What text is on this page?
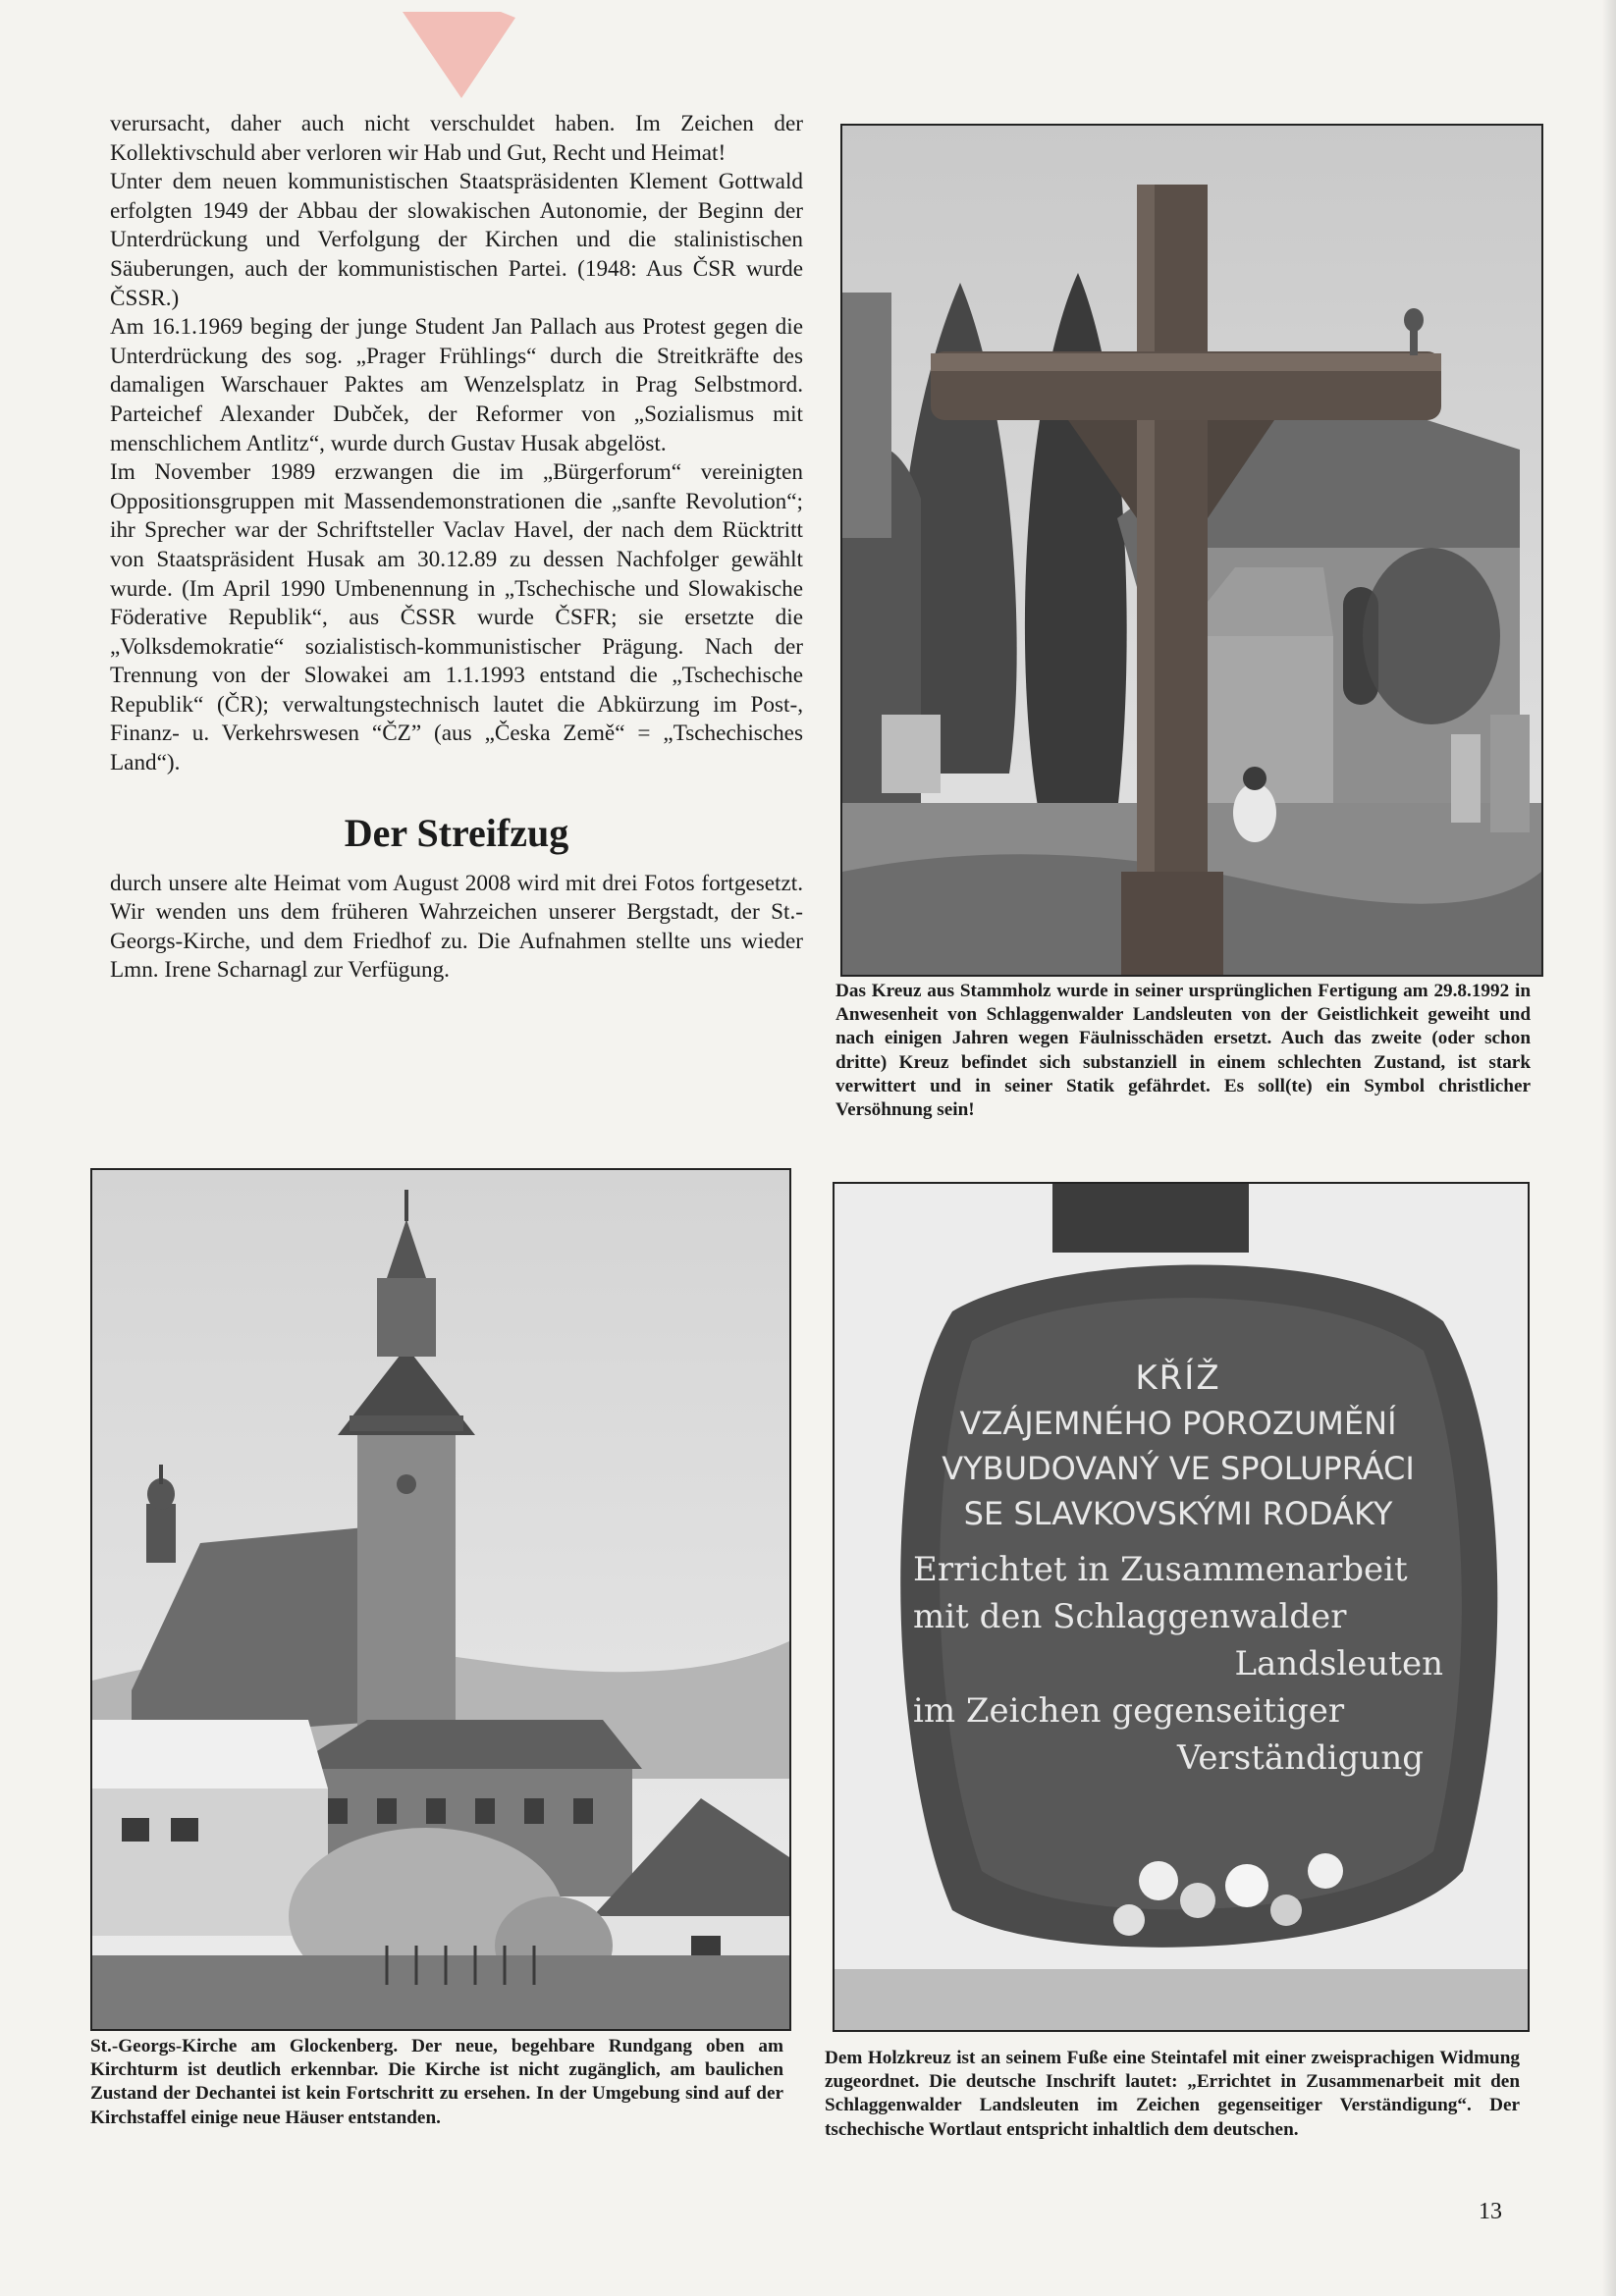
verursacht, daher auch nicht verschuldet haben. Im Zeichen der Kollektivschuld aber verloren wir Hab und Gut, Recht und Heimat!

Unter dem neuen kommunistischen Staatspräsidenten Klement Gottwald erfolgten 1949 der Abbau der slowakischen Autonomie, der Beginn der Unterdrückung und Verfolgung der Kirchen und die stalinistischen Säuberungen, auch der kommunistischen Partei. (1948: Aus ČSR wurde ČSSR.)

Am 16.1.1969 beging der junge Student Jan Pallach aus Protest gegen die Unterdrückung des sog. „Prager Frühlings“ durch die Streitkräfte des damaligen Warschauer Paktes am Wenzelsplatz in Prag Selbstmord. Parteichef Alexander Dubček, der Reformer von „Sozialismus mit menschlichem Antlitz“, wurde durch Gustav Husak abgelöst.

Im November 1989 erzwangen die im „Bürgerforum“ vereinigten Oppositionsgruppen mit Massendemonstrationen die „sanfte Revolution“; ihr Sprecher war der Schriftsteller Vaclav Havel, der nach dem Rücktritt von Staatspräsident Husak am 30.12.89 zu dessen Nachfolger gewählt wurde. (Im April 1990 Umbenennung in „Tschechische und Slowakische Föderative Republik“, aus ČSSR wurde ČSFR; sie ersetzte die „Volksdemokratie“ sozialistisch-kommunistischer Prägung. Nach der Trennung von der Slowakei am 1.1.1993 entstand die „Tschechische Republik“ (ČR); verwaltungstechnisch lautet die Abkürzung im Post-, Finanz- u. Verkehrswesen “ČZ” (aus „Česka Země“ = „Tschechisches Land“).

Der Streifzug

durch unsere alte Heimat vom August 2008 wird mit drei Fotos fortgesetzt. Wir wenden uns dem früheren Wahrzeichen unserer Bergstadt, der St.-Georgs-Kirche, und dem Friedhof zu. Die Aufnahmen stellte uns wieder Lmn. Irene Scharnagl zur Verfügung.

Das Kreuz aus Stammholz wurde in seiner ursprünglichen Fertigung am 29.8.1992 in Anwesenheit von Schlaggenwalder Landsleuten von der Geistlichkeit geweiht und nach einigen Jahren wegen Fäulnisschäden ersetzt. Auch das zweite (oder schon dritte) Kreuz befindet sich substanziell in einem schlechten Zustand, ist stark verwittert und in seiner Statik gefährdet. Es soll(te) ein Symbol christlicher Versöhnung sein!

St.-Georgs-Kirche am Glockenberg. Der neue, begehbare Rundgang oben am Kirchturm ist deutlich erkennbar. Die Kirche ist nicht zugänglich, am baulichen Zustand der Dechantei ist kein Fortschritt zu ersehen. In der Umgebung sind auf der Kirchstaffel einige neue Häuser entstanden.

KŘÍŽ
VZÁJEMNÉHO POROZUMĚNÍ
VYBUDOVANÝ VE SPOLUPRÁCI
SE SLAVKOVSKÝMI RODÁKY
Errichtet in Zusammenarbeit
mit den Schlaggenwalder
Landsleuten
im Zeichen gegenseitiger
Verständigung

Dem Holzkreuz ist an seinem Fuße eine Steintafel mit einer zweisprachigen Widmung zugeordnet. Die deutsche Inschrift lautet: „Errichtet in Zusammenarbeit mit den Schlaggenwalder Landsleuten im Zeichen gegenseitiger Verständigung“. Der tschechische Wortlaut entspricht inhaltlich dem deutschen.

13
